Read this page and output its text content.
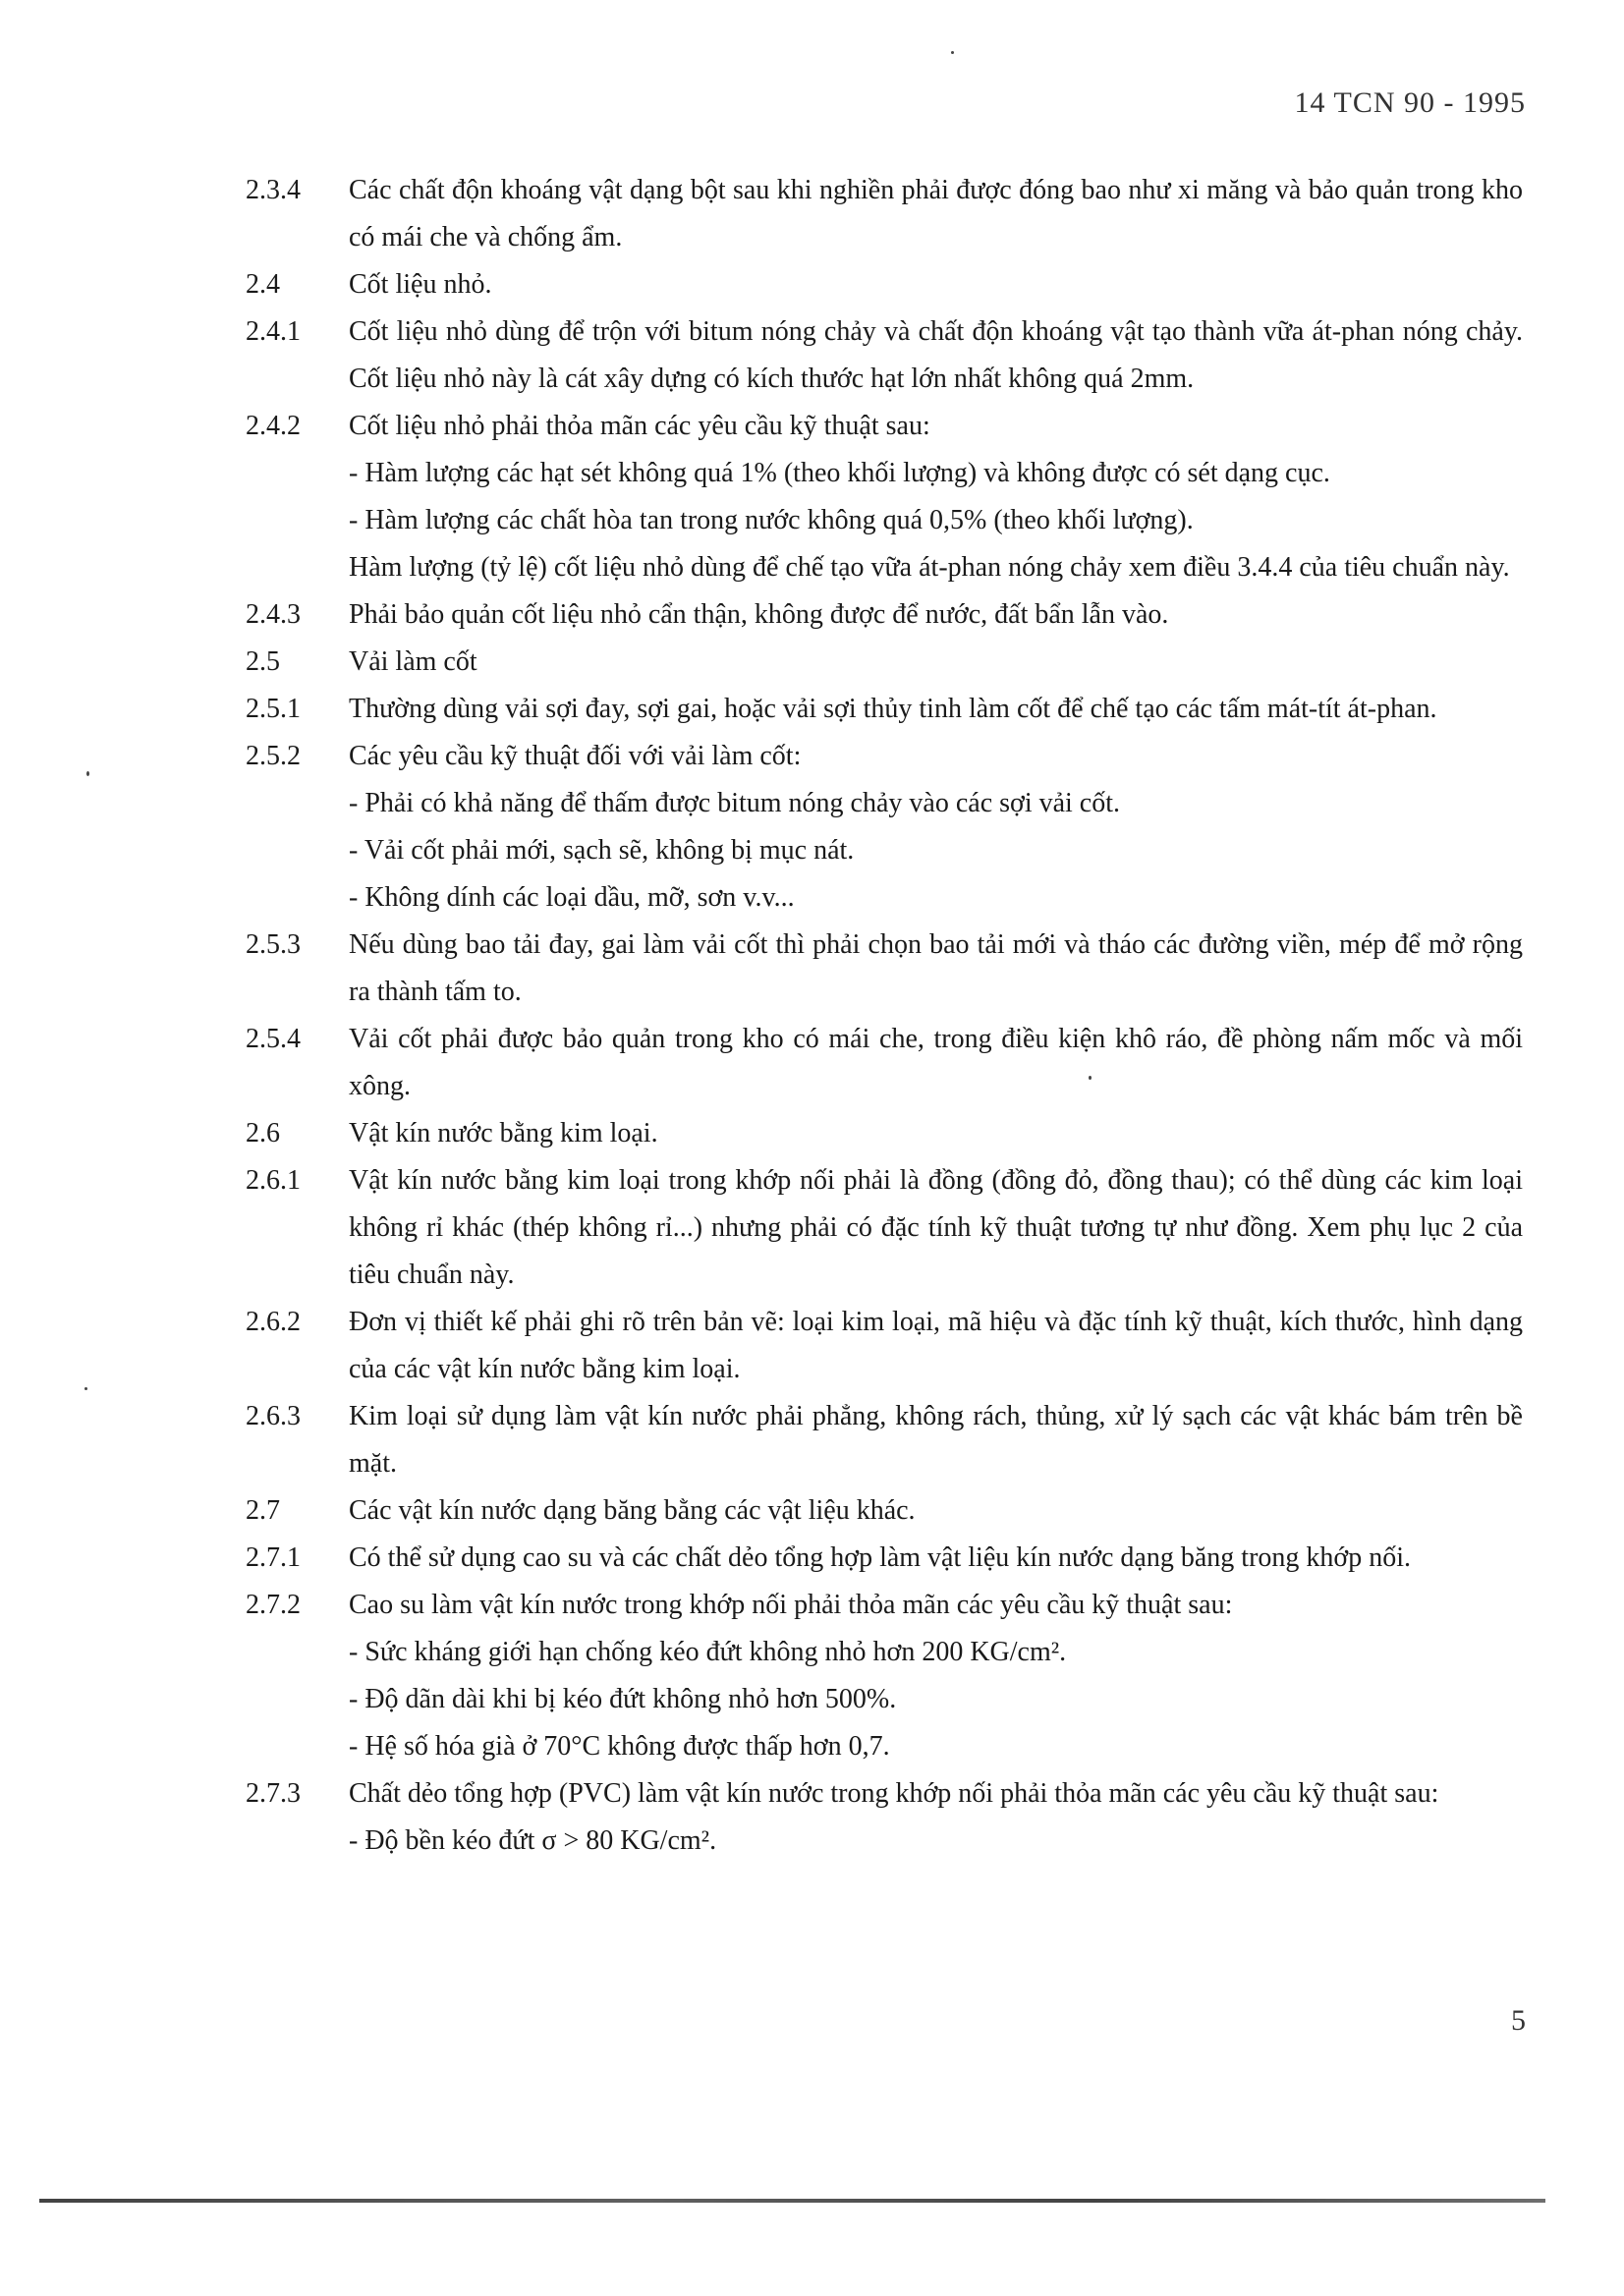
14 TCN 90 - 1995
2.3.4	Các chất độn khoáng vật dạng bột sau khi nghiền phải được đóng bao như xi măng và bảo quản trong kho có mái che và chống ẩm.
2.4	Cốt liệu nhỏ.
2.4.1	Cốt liệu nhỏ dùng để trộn với bitum nóng chảy và chất độn khoáng vật tạo thành vữa át-phan nóng chảy. Cốt liệu nhỏ này là cát xây dựng có kích thước hạt lớn nhất không quá 2mm.
2.4.2	Cốt liệu nhỏ phải thỏa mãn các yêu cầu kỹ thuật sau:
- Hàm lượng các hạt sét không quá 1% (theo khối lượng) và không được có sét dạng cục.
- Hàm lượng các chất hòa tan trong nước không quá 0,5% (theo khối lượng).
Hàm lượng (tỷ lệ) cốt liệu nhỏ dùng để chế tạo vữa át-phan nóng chảy xem điều 3.4.4 của tiêu chuẩn này.
2.4.3	Phải bảo quản cốt liệu nhỏ cẩn thận, không được để nước, đất bẩn lẫn vào.
2.5	Vải làm cốt
2.5.1	Thường dùng vải sợi đay, sợi gai, hoặc vải sợi thủy tinh làm cốt để chế tạo các tấm mát-tít át-phan.
2.5.2	Các yêu cầu kỹ thuật đối với vải làm cốt:
- Phải có khả năng để thấm được bitum nóng chảy vào các sợi vải cốt.
- Vải cốt phải mới, sạch sẽ, không bị mục nát.
- Không dính các loại dầu, mỡ, sơn v.v...
2.5.3	Nếu dùng bao tải đay, gai làm vải cốt thì phải chọn bao tải mới và tháo các đường viền, mép để mở rộng ra thành tấm to.
2.5.4	Vải cốt phải được bảo quản trong kho có mái che, trong điều kiện khô ráo, đề phòng nấm mốc và mối xông.
2.6	Vật kín nước bằng kim loại.
2.6.1	Vật kín nước bằng kim loại trong khớp nối phải là đồng (đồng đỏ, đồng thau); có thể dùng các kim loại không rỉ khác (thép không rỉ...) nhưng phải có đặc tính kỹ thuật tương tự như đồng. Xem phụ lục 2 của tiêu chuẩn này.
2.6.2	Đơn vị thiết kế phải ghi rõ trên bản vẽ: loại kim loại, mã hiệu và đặc tính kỹ thuật, kích thước, hình dạng của các vật kín nước bằng kim loại.
2.6.3	Kim loại sử dụng làm vật kín nước phải phẳng, không rách, thủng, xử lý sạch các vật khác bám trên bề mặt.
2.7	Các vật kín nước dạng băng bằng các vật liệu khác.
2.7.1	Có thể sử dụng cao su và các chất dẻo tổng hợp làm vật liệu kín nước dạng băng trong khớp nối.
2.7.2	Cao su làm vật kín nước trong khớp nối phải thỏa mãn các yêu cầu kỹ thuật sau:
- Sức kháng giới hạn chống kéo đứt không nhỏ hơn 200 KG/cm².
- Độ dãn dài khi bị kéo đứt không nhỏ hơn 500%.
- Hệ số hóa già ở 70°C không được thấp hơn 0,7.
2.7.3	Chất dẻo tổng hợp (PVC) làm vật kín nước trong khớp nối phải thỏa mãn các yêu cầu kỹ thuật sau:
- Độ bền kéo đứt σ > 80 KG/cm².
5
